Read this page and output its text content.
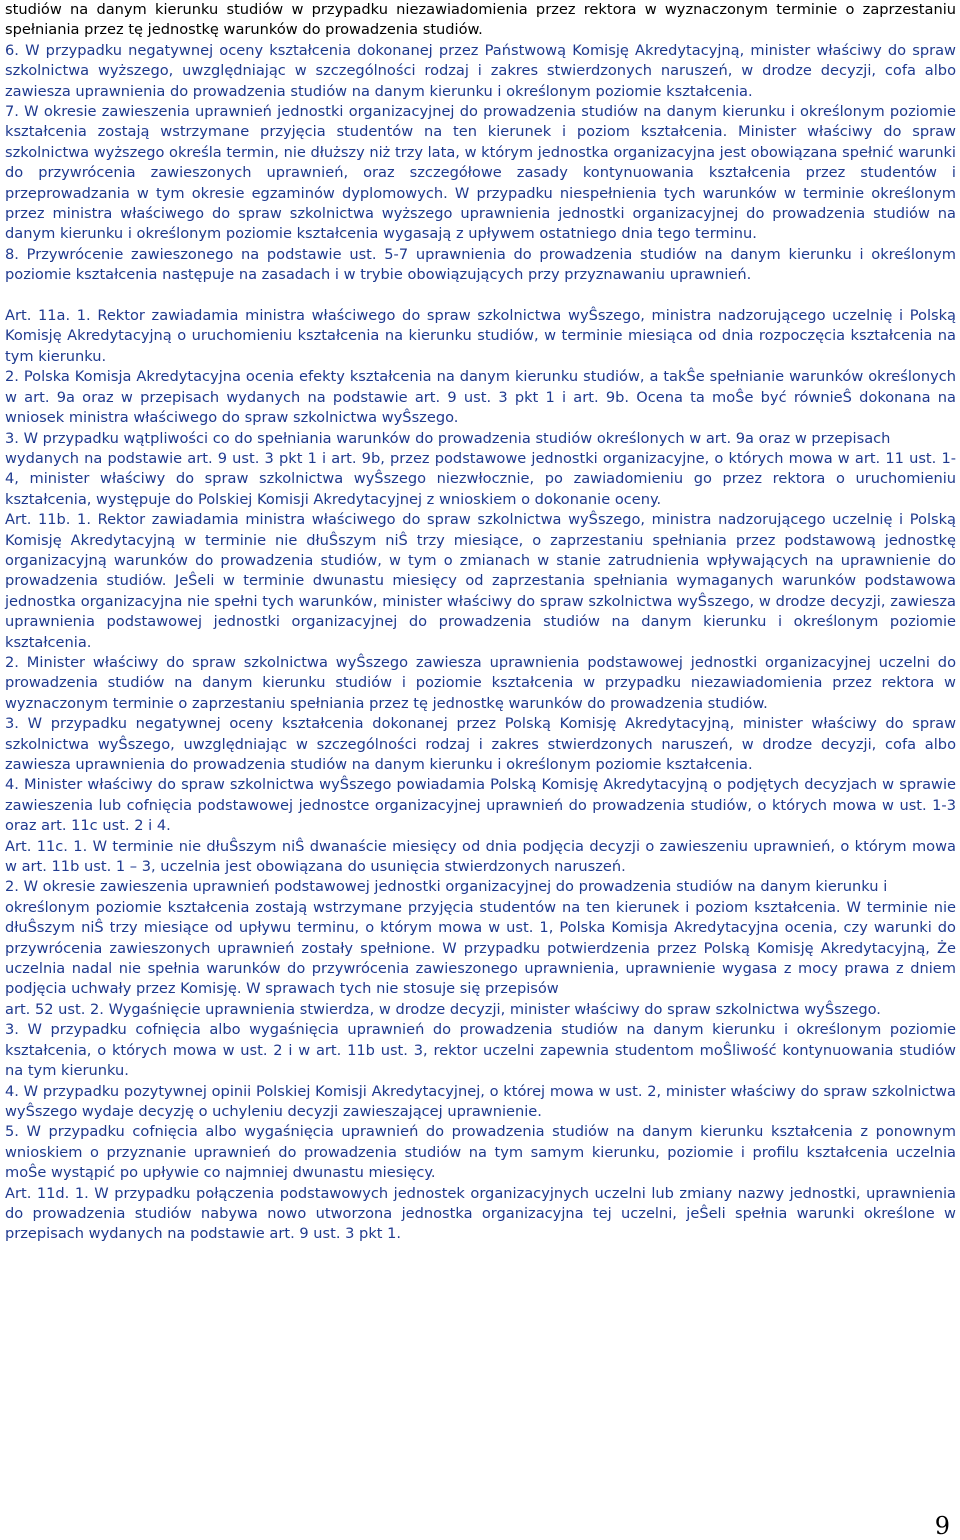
studiów na danym kierunku studiów w przypadku niezawiadomienia przez rektora w wyznaczonym terminie o zaprzestaniu spełniania przez tę jednostkę warunków do prowadzenia studiów.

6. W przypadku negatywnej oceny kształcenia dokonanej przez Państwową Komisję Akredytacyjną, minister właściwy do spraw szkolnictwa wyższego, uwzględniając w szczególności rodzaj i zakres stwierdzonych naruszeń, w drodze decyzji, cofa albo zawiesza uprawnienia do prowadzenia studiów na danym kierunku i określonym poziomie kształcenia.

7. W okresie zawieszenia uprawnień jednostki organizacyjnej do prowadzenia studiów na danym kierunku i określonym poziomie kształcenia zostają wstrzymane przyjęcia studentów na ten kierunek i poziom kształcenia. Minister właściwy do spraw szkolnictwa wyższego określa termin, nie dłuższy niż trzy lata, w którym jednostka organizacyjna jest obowiązana spełnić warunki do przywrócenia zawieszonych uprawnień, oraz szczegółowe zasady kontynuowania kształcenia przez studentów i przeprowadzania w tym okresie egzaminów dyplomowych. W przypadku niespełnienia tych warunków w terminie określonym przez ministra właściwego do spraw szkolnictwa wyższego uprawnienia jednostki organizacyjnej do prowadzenia studiów na danym kierunku i określonym poziomie kształcenia wygasają z upływem ostatniego dnia tego terminu.

8. Przywrócenie zawieszonego na podstawie ust. 5-7 uprawnienia do prowadzenia studiów na danym kierunku i określonym poziomie kształcenia następuje na zasadach i w trybie obowiązujących przy przyznawaniu uprawnień.

Art. 11a. 1. Rektor zawiadamia ministra właściwego do spraw szkolnictwa wyŜszego, ministra nadzorującego uczelnię i Polską Komisję Akredytacyjną o uruchomieniu kształcenia na kierunku studiów, w terminie miesiąca od dnia rozpoczęcia kształcenia na tym kierunku.

2. Polska Komisja Akredytacyjna ocenia efekty kształcenia na danym kierunku studiów, a takŜe spełnianie warunków określonych w art. 9a oraz w przepisach wydanych na podstawie art. 9 ust. 3 pkt 1 i art. 9b. Ocena ta moŜe być równieŜ dokonana na wniosek ministra właściwego do spraw szkolnictwa wyŜszego.

3. W przypadku wątpliwości co do spełniania warunków do prowadzenia studiów określonych w art. 9a oraz w przepisach

wydanych na podstawie art. 9 ust. 3 pkt 1 i art. 9b, przez podstawowe jednostki organizacyjne, o których mowa w art. 11 ust. 1-4, minister właściwy do spraw szkolnictwa wyŜszego niezwłocznie, po zawiadomieniu go przez rektora o uruchomieniu kształcenia, występuje do Polskiej Komisji Akredytacyjnej z wnioskiem o dokonanie oceny.

Art. 11b. 1. Rektor zawiadamia ministra właściwego do spraw szkolnictwa wyŜszego, ministra nadzorującego uczelnię i Polską Komisję Akredytacyjną w terminie nie dłuŜszym niŜ trzy miesiące, o zaprzestaniu spełniania przez podstawową jednostkę organizacyjną warunków do prowadzenia studiów, w tym o zmianach w stanie zatrudnienia wpływających na uprawnienie do prowadzenia studiów. JeŜeli w terminie dwunastu miesięcy od zaprzestania spełniania wymaganych warunków podstawowa jednostka organizacyjna nie spełni tych warunków, minister właściwy do spraw szkolnictwa wyŜszego, w drodze decyzji, zawiesza uprawnienia podstawowej jednostki organizacyjnej do prowadzenia studiów na danym kierunku i określonym poziomie kształcenia.

2. Minister właściwy do spraw szkolnictwa wyŜszego zawiesza uprawnienia podstawowej jednostki organizacyjnej uczelni do prowadzenia studiów na danym kierunku studiów i poziomie kształcenia w przypadku niezawiadomienia przez rektora w wyznaczonym terminie o zaprzestaniu spełniania przez tę jednostkę warunków do prowadzenia studiów.

3. W przypadku negatywnej oceny kształcenia dokonanej przez Polską Komisję Akredytacyjną, minister właściwy do spraw szkolnictwa wyŜszego, uwzględniając w szczególności rodzaj i zakres stwierdzonych naruszeń, w drodze decyzji, cofa albo zawiesza uprawnienia do prowadzenia studiów na danym kierunku i określonym poziomie kształcenia.

4. Minister właściwy do spraw szkolnictwa wyŜszego powiadamia Polską Komisję Akredytacyjną o podjętych decyzjach w sprawie zawieszenia lub cofnięcia podstawowej jednostce organizacyjnej uprawnień do prowadzenia studiów, o których mowa w ust. 1-3 oraz art. 11c ust. 2 i 4.

Art. 11c. 1. W terminie nie dłuŜszym niŜ dwanaście miesięcy od dnia podjęcia decyzji o zawieszeniu uprawnień, o którym mowa w art. 11b ust. 1 – 3, uczelnia jest obowiązana do usunięcia stwierdzonych naruszeń.

2. W okresie zawieszenia uprawnień podstawowej jednostki organizacyjnej do prowadzenia studiów na danym kierunku i

określonym poziomie kształcenia zostają wstrzymane przyjęcia studentów na ten kierunek i poziom kształcenia. W terminie nie dłuŜszym niŜ trzy miesiące od upływu terminu, o którym mowa w ust. 1, Polska Komisja Akredytacyjna ocenia, czy warunki do przywrócenia zawieszonych uprawnień zostały spełnione. W przypadku potwierdzenia przez Polską Komisję Akredytacyjną, Że uczelnia nadal nie spełnia warunków do przywrócenia zawieszonego uprawnienia, uprawnienie wygasa z mocy prawa z dniem podjęcia uchwały przez Komisję. W sprawach tych nie stosuje się przepisów

art. 52 ust. 2. Wygaśnięcie uprawnienia stwierdza, w drodze decyzji, minister właściwy do spraw szkolnictwa wyŜszego.

3. W przypadku cofnięcia albo wygaśnięcia uprawnień do prowadzenia studiów na danym kierunku i określonym poziomie kształcenia, o których mowa w ust. 2 i w art. 11b ust. 3, rektor uczelni zapewnia studentom moŜliwość kontynuowania studiów na tym kierunku.

4. W przypadku pozytywnej opinii Polskiej Komisji Akredytacyjnej, o której mowa w ust. 2, minister właściwy do spraw szkolnictwa wyŜszego wydaje decyzję o uchyleniu decyzji zawieszającej uprawnienie.

5. W przypadku cofnięcia albo wygaśnięcia uprawnień do prowadzenia studiów na danym kierunku kształcenia z ponownym wnioskiem o przyznanie uprawnień do prowadzenia studiów na tym samym kierunku, poziomie i profilu kształcenia uczelnia moŜe wystąpić po upływie co najmniej dwunastu miesięcy.

Art. 11d. 1. W przypadku połączenia podstawowych jednostek organizacyjnych uczelni lub zmiany nazwy jednostki, uprawnienia do prowadzenia studiów nabywa nowo utworzona jednostka organizacyjna tej uczelni, jeŜeli spełnia warunki określone w przepisach wydanych na podstawie art. 9 ust. 3 pkt 1.

9
